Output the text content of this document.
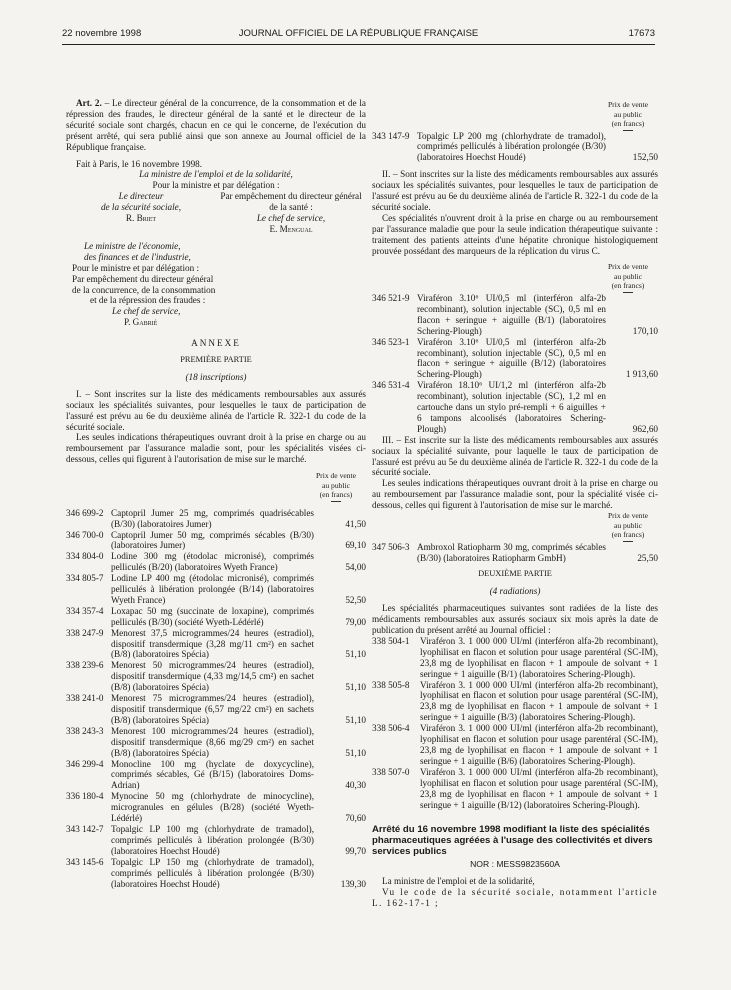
22 novembre 1998	JOURNAL OFFICIEL DE LA RÉPUBLIQUE FRANÇAISE	17673

Art. 2. – Le directeur général de la concurrence, de la consommation et de la répression des fraudes, le directeur général de la santé et le directeur de la sécurité sociale sont chargés, chacun en ce qui le concerne, de l'exécution du présent arrêté, qui sera publié ainsi que son annexe au Journal officiel de la République française.

Fait à Paris, le 16 novembre 1998.

La ministre de l'emploi et de la solidarité,

Pour la ministre et par délégation :

Le directeur
de la sécurité sociale,
R. Briet
Par empêchement du directeur général
de la santé :
Le chef de service,
E. Mengual
Le ministre de l'économie,
des finances et de l'industrie,
Pour le ministre et par délégation :
Par empêchement du directeur général
de la concurrence, de la consommation
et de la répression des fraudes :
Le chef de service,
P. Gabrié

ANNEXE

PREMIÈRE PARTIE

(18 inscriptions)

I. – Sont inscrites sur la liste des médicaments remboursables aux assurés sociaux les spécialités suivantes, pour lesquelles le taux de participation de l'assuré est prévu au 6e du deuxième alinéa de l'article R. 322-1 du code de la sécurité sociale.

Les seules indications thérapeutiques ouvrant droit à la prise en charge ou au remboursement par l'assurance maladie sont, pour les spécialités visées ci-dessous, celles qui figurent à l'autorisation de mise sur le marché.

Prix de vente
au public
(en francs)
346 699-2 Captopril Jumer 25 mg, comprimés quadrisécables (B/30) (laboratoires Jumer)	41,50
346 700-0 Captopril Jumer 50 mg, comprimés sécables (B/30) (laboratoires Jumer)	69,10
334 804-0 Lodine 300 mg (étodolac micronisé), comprimés pelliculés (B/20) (laboratoires Wyeth France)	54,00
334 805-7 Lodine LP 400 mg (étodolac micronisé), comprimés pelliculés à libération prolongée (B/14) (laboratoires Wyeth France)	52,50
334 357-4 Loxapac 50 mg (succinate de loxapine), comprimés pelliculés (B/30) (société Wyeth-Lédérlé)	79,00
338 247-9 Menorest 37,5 microgrammes/24 heures (estradiol), dispositif transdermique (3,28 mg/11 cm²) en sachet (B/8) (laboratoires Spécia)	51,10
338 239-6 Menorest 50 microgrammes/24 heures (estradiol), dispositif transdermique (4,33 mg/14,5 cm²) en sachet (B/8) (laboratoires Spécia)	51,10
338 241-0 Menorest 75 microgrammes/24 heures (estradiol), dispositif transdermique (6,57 mg/22 cm²) en sachets (B/8) (laboratoires Spécia)	51,10
338 243-3 Menorest 100 microgrammes/24 heures (estradiol), dispositif transdermique (8,66 mg/29 cm²) en sachet (B/8) (laboratoires Spécia)	51,10
346 299-4 Monocline 100 mg (hyclate de doxycycline), comprimés sécables, Gé (B/15) (laboratoires Doms-Adrian)	40,30
336 180-4 Mynocine 50 mg (chlorhydrate de minocycline), microgranules en gélules (B/28) (société Wyeth-Lédérlé)	70,60
343 142-7 Topalgic LP 100 mg (chlorhydrate de tramadol), comprimés pelliculés à libération prolongée (B/30) (laboratoires Hoechst Houdé)	99,70
343 145-6 Topalgic LP 150 mg (chlorhydrate de tramadol), comprimés pelliculés à libération prolongée (B/30) (laboratoires Hoechst Houdé)	139,30
Prix de vente
au public
(en francs)
343 147-9 Topalgic LP 200 mg (chlorhydrate de tramadol), comprimés pelliculés à libération prolongée (B/30) (laboratoires Hoechst Houdé)	152,50

II. – Sont inscrites sur la liste des médicaments remboursables aux assurés sociaux les spécialités suivantes, pour lesquelles le taux de participation de l'assuré est prévu au 6e du deuxième alinéa de l'article R. 322-1 du code de la sécurité sociale.

Ces spécialités n'ouvrent droit à la prise en charge ou au remboursement par l'assurance maladie que pour la seule indication thérapeutique suivante : traitement des patients atteints d'une hépatite chronique histologiquement prouvée possédant des marqueurs de la réplication du virus C.

Prix de vente
au public
(en francs)
346 521-9 Viraféron 3.10⁶ UI/0,5 ml (interféron alfa-2b recombinant), solution injectable (SC), 0,5 ml en flacon + seringue + aiguille (B/1) (laboratoires Schering-Plough)	170,10
346 523-1 Viraféron 3.10⁶ UI/0,5 ml (interféron alfa-2b recombinant), solution injectable (SC), 0,5 ml en flacon + seringue + aiguille (B/12) (laboratoires Schering-Plough)	1 913,60
346 531-4 Viraféron 18.10⁶ UI/1,2 ml (interféron alfa-2b recombinant), solution injectable (SC), 1,2 ml en cartouche dans un stylo pré-rempli + 6 aiguilles + 6 tampons alcoolisés (laboratoires Schering-Plough)	962,60

III. – Est inscrite sur la liste des médicaments remboursables aux assurés sociaux la spécialité suivante, pour laquelle le taux de participation de l'assuré est prévu au 5e du deuxième alinéa de l'article R. 322-1 du code de la sécurité sociale.

Les seules indications thérapeutiques ouvrant droit à la prise en charge ou au remboursement par l'assurance maladie sont, pour la spécialité visée ci-dessous, celles qui figurent à l'autorisation de mise sur le marché.

Prix de vente
au public
(en francs)
347 506-3 Ambroxol Ratiopharm 30 mg, comprimés sécables (B/30) (laboratoires Ratiopharm GmbH)	25,50

DEUXIÈME PARTIE

(4 radiations)

Les spécialités pharmaceutiques suivantes sont radiées de la liste des médicaments remboursables aux assurés sociaux six mois après la date de publication du présent arrêté au Journal officiel :

338 504-1	Viraféron 3. 1 000 000 UI/ml (interféron alfa-2b recombinant), lyophilisat en flacon et solution pour usage parentéral (SC-IM), 23,8 mg de lyophilisat en flacon + 1 ampoule de solvant + 1 seringue + 1 aiguille (B/1) (laboratoires Schering-Plough).
338 505-8	Viraféron 3. 1 000 000 UI/ml (interféron alfa-2b recombinant), lyophilisat en flacon et solution pour usage parentéral (SC-IM), 23,8 mg de lyophilisat en flacon + 1 ampoule de solvant + 1 seringue + 1 aiguille (B/3) (laboratoires Schering-Plough).
338 506-4	Viraféron 3. 1 000 000 UI/ml (interféron alfa-2b recombinant), lyophilisat en flacon et solution pour usage parentéral (SC-IM), 23,8 mg de lyophilisat en flacon + 1 ampoule de solvant + 1 seringue + 1 aiguille (B/6) (laboratoires Schering-Plough).
338 507-0	Viraféron 3. 1 000 000 UI/ml (interféron alfa-2b recombinant), lyophilisat en flacon et solution pour usage parentéral (SC-IM), 23,8 mg de lyophilisat en flacon + 1 ampoule de solvant + 1 seringue + 1 aiguille (B/12) (laboratoires Schering-Plough).

Arrêté du 16 novembre 1998 modifiant la liste des spécialités pharmaceutiques agréées à l'usage des collectivités et divers services publics

NOR : MESS9823560A

La ministre de l'emploi et de la solidarité,

Vu le code de la sécurité sociale, notamment l'article L. 162-17-1 ;
